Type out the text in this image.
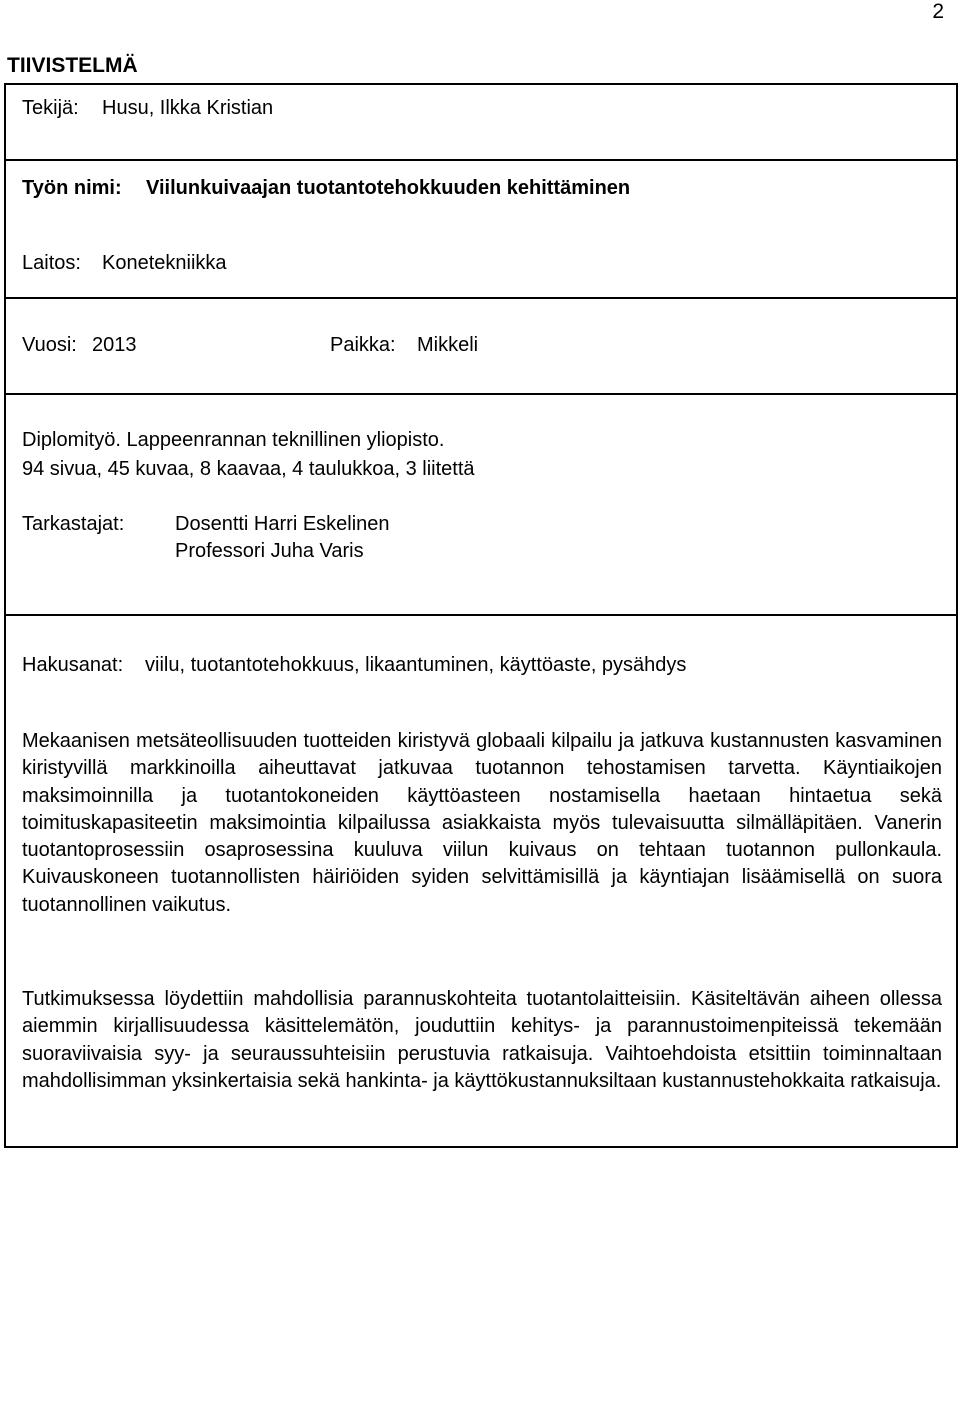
2
TIIVISTELMÄ
Tekijä: Husu, Ilkka Kristian
Työn nimi: Viilunkuivaajan tuotantotehokkuuden kehittäminen
Laitos: Konetekniikka
Vuosi: 2013	Paikka: Mikkeli
Diplomityö. Lappeenrannan teknillinen yliopisto.
94 sivua, 45 kuvaa, 8 kaavaa, 4 taulukkoa, 3 liitettä
Tarkastajat:	Dosentti Harri Eskelinen
Professori Juha Varis
Hakusanat: viilu, tuotantotehokkuus, likaantuminen, käyttöaste, pysähdys

Mekaanisen metsäteollisuuden tuotteiden kiristyvä globaali kilpailu ja jatkuva kustannusten kasvaminen kiristyvillä markkinoilla aiheuttavat jatkuvaa tuotannon tehostamisen tarvetta. Käyntiaikojen maksimoinnilla ja tuotantokoneiden käyttöasteen nostamisella haetaan hintaetua sekä toimituskapasiteetin maksimointia kilpailussa asiakkaista myös tulevaisuutta silmälläpitäen. Vanerin tuotantoprosessiin osaprosessina kuuluva viilun kuivaus on tehtaan tuotannon pullonkaula. Kuivauskoneen tuotannollisten häiriöiden syiden selvittämisillä ja käyntiajan lisäämisellä on suora tuotannollinen vaikutus.

Tutkimuksessa löydettiin mahdollisia parannuskohteita tuotantolaitteisiin. Käsiteltävän aiheen ollessa aiemmin kirjallisuudessa käsittelemätön, jouduttiin kehitys- ja parannustoimenpiteissä tekemään suoraviivaisia syy- ja seuraussuhteisiin perustuvia ratkaisuja. Vaihtoehdoista etsittiin toiminnaltaan mahdollisimman yksinkertaisia sekä hankinta- ja käyttökustannuksiltaan kustannustehokkaita ratkaisuja.
